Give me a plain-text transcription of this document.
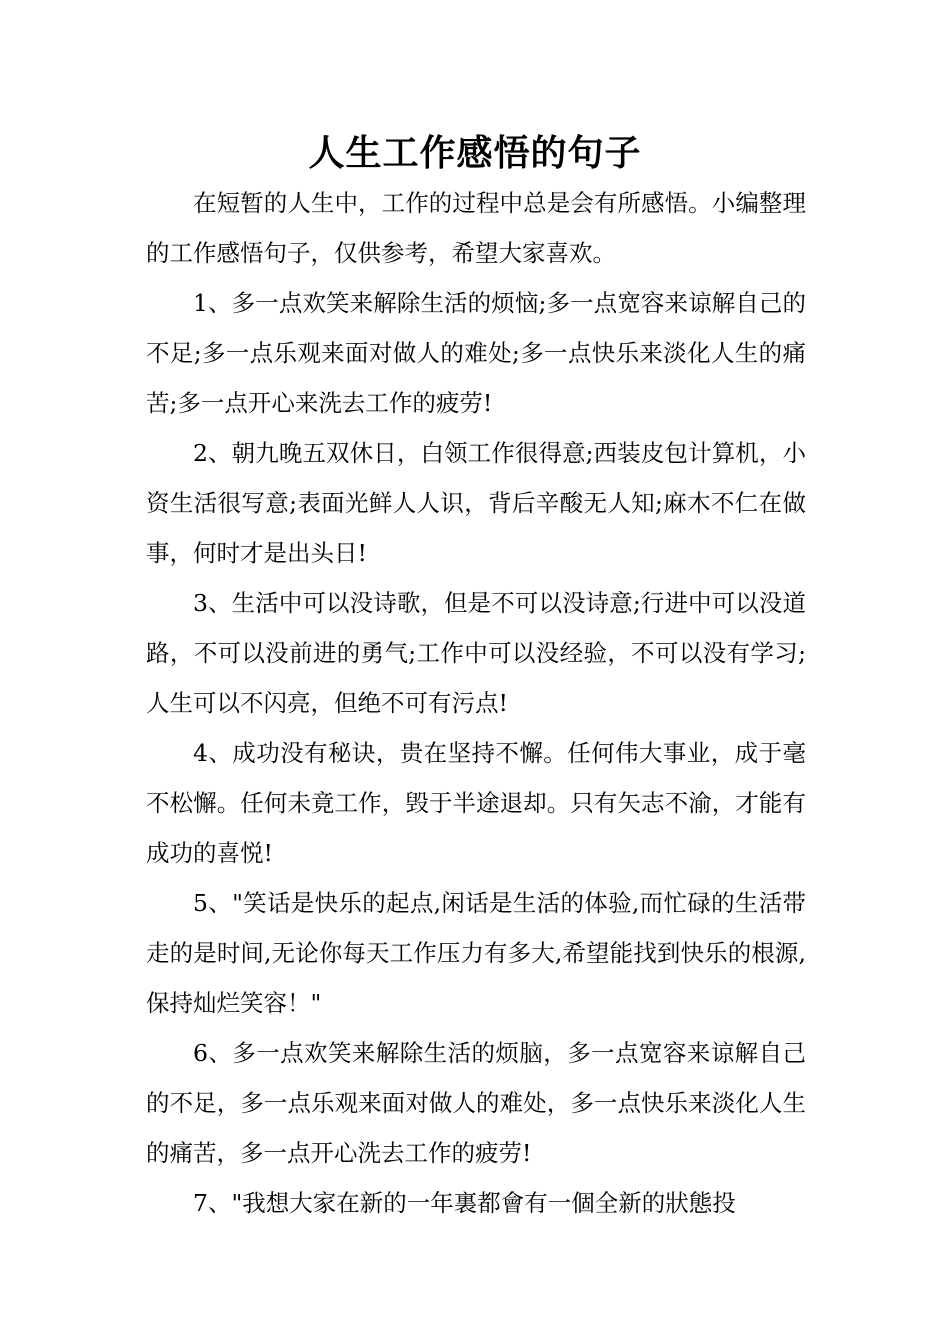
人生工作感悟的句子

在短暂的人生中，工作的过程中总是会有所感悟。小编整理的工作感悟句子，仅供参考，希望大家喜欢。

1、多一点欢笑来解除生活的烦恼;多一点宽容来谅解自己的不足;多一点乐观来面对做人的难处;多一点快乐来淡化人生的痛苦;多一点开心来洗去工作的疲劳!

2、朝九晚五双休日，白领工作很得意;西装皮包计算机，小资生活很写意;表面光鲜人人识，背后辛酸无人知;麻木不仁在做事，何时才是出头日!

3、生活中可以没诗歌，但是不可以没诗意;行进中可以没道路，不可以没前进的勇气;工作中可以没经验，不可以没有学习;人生可以不闪亮，但绝不可有污点!

4、成功没有秘诀，贵在坚持不懈。任何伟大事业，成于毫不松懈。任何未竟工作，毁于半途退却。只有矢志不渝，才能有成功的喜悦!

5、"笑话是快乐的起点,闲话是生活的体验,而忙碌的生活带走的是时间,无论你每天工作压力有多大,希望能找到快乐的根源,保持灿烂笑容！"

6、多一点欢笑来解除生活的烦脑，多一点宽容来谅解自己的不足，多一点乐观来面对做人的难处，多一点快乐来淡化人生的痛苦，多一点开心洗去工作的疲劳!

7、"我想大家在新的一年裏都會有一個全新的狀態投
